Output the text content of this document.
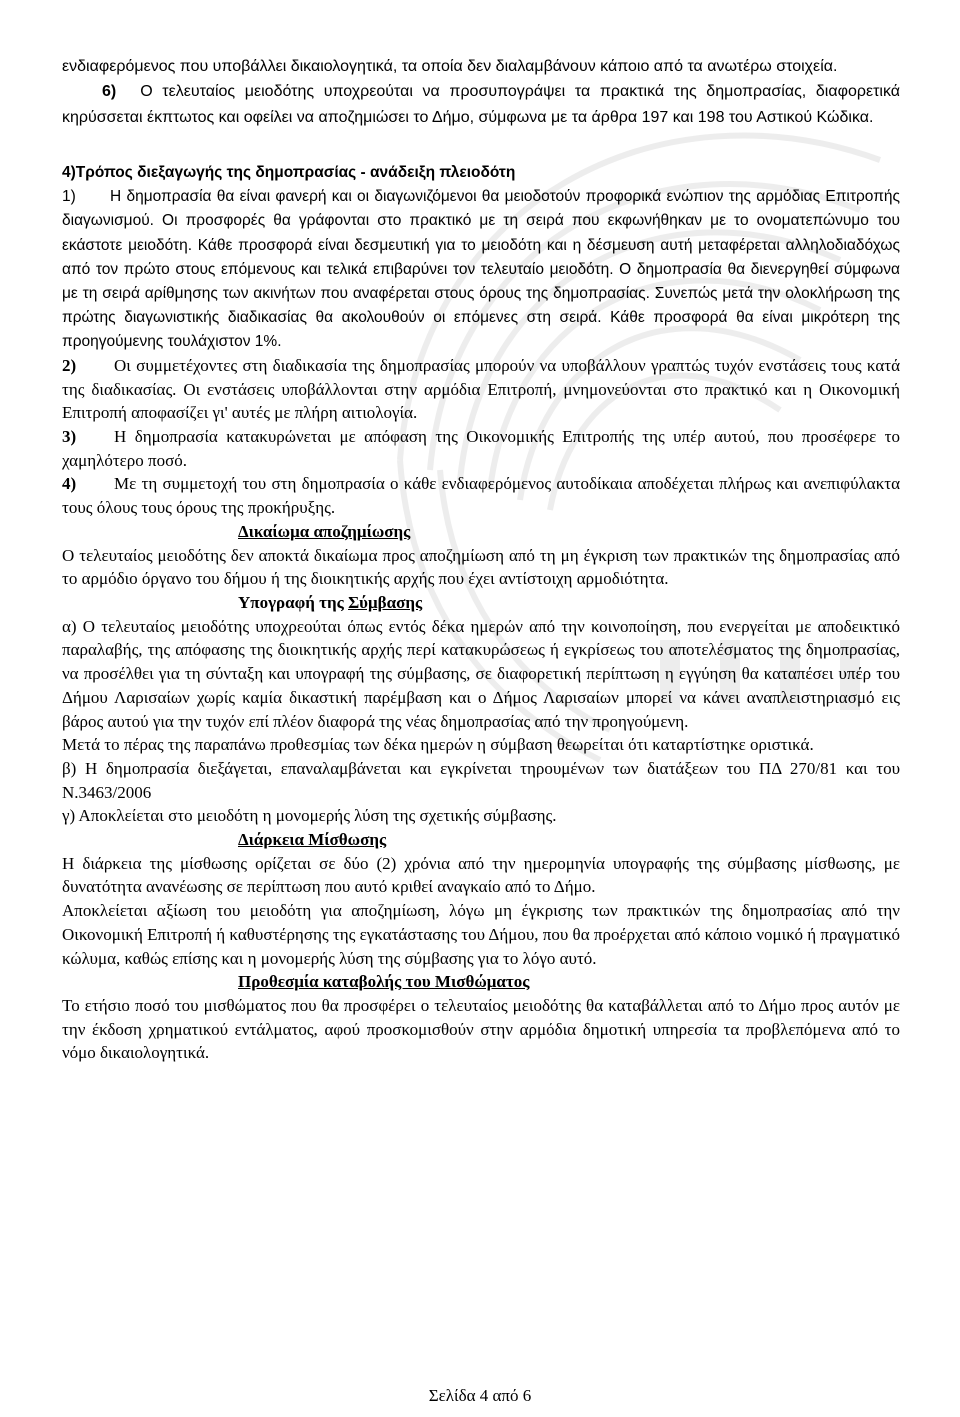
ενδιαφερόμενος που υποβάλλει δικαιολογητικά, τα οποία δεν διαλαμβάνουν κάποιο από τα ανωτέρω στοιχεία.

6) Ο τελευταίος μειοδότης υποχρεούται να προσυπογράψει τα πρακτικά της δημοπρασίας, διαφορετικά κηρύσσεται έκπτωτος και οφείλει να αποζημιώσει το Δήμο, σύμφωνα με τα άρθρα 197 και 198 του Αστικού Κώδικα.

4)Τρόπος διεξαγωγής της δημοπρασίας - ανάδειξη πλειοδότη

1) Η δημοπρασία θα είναι φανερή και οι διαγωνιζόμενοι θα μειοδοτούν προφορικά ενώπιον της αρμόδιας Επιτροπής διαγωνισμού. Οι προσφορές θα γράφονται στο πρακτικό με τη σειρά που εκφωνήθηκαν με το ονοματεπώνυμο του εκάστοτε μειοδότη. Κάθε προσφορά είναι δεσμευτική για το μειοδότη και η δέσμευση αυτή μεταφέρεται αλληλοδιαδόχως από τον πρώτο στους επόμενους και τελικά επιβαρύνει τον τελευταίο μειοδότη. Ο δημοπρασία θα διενεργηθεί σύμφωνα με τη σειρά αρίθμησης των ακινήτων που αναφέρεται στους όρους της δημοπρασίας. Συνεπώς μετά την ολοκλήρωση της πρώτης διαγωνιστικής διαδικασίας θα ακολουθούν οι επόμενες στη σειρά. Κάθε προσφορά θα είναι μικρότερη της προηγούμενης τουλάχιστον 1%.

2) Οι συμμετέχοντες στη διαδικασία της δημοπρασίας μπορούν να υποβάλλουν γραπτώς τυχόν ενστάσεις τους κατά της διαδικασίας. Οι ενστάσεις υποβάλλονται στην αρμόδια Επιτροπή, μνημονεύονται στο πρακτικό και η Οικονομική Επιτροπή αποφασίζει γι' αυτές με πλήρη αιτιολογία.

3) Η δημοπρασία κατακυρώνεται με απόφαση της Οικονομικής Επιτροπής της υπέρ αυτού, που προσέφερε το χαμηλότερο ποσό.

4) Με τη συμμετοχή του στη δημοπρασία ο κάθε ενδιαφερόμενος αυτοδίκαια αποδέχεται πλήρως και ανεπιφύλακτα τους όλους τους όρους της προκήρυξης.

Δικαίωμα αποζημίωσης

Ο τελευταίος μειοδότης δεν αποκτά δικαίωμα προς αποζημίωση από τη μη έγκριση των πρακτικών της δημοπρασίας από το αρμόδιο όργανο του δήμου ή της διοικητικής αρχής που έχει αντίστοιχη αρμοδιότητα.

Υπογραφή της Σύμβασης

α) Ο τελευταίος μειοδότης υποχρεούται όπως εντός δέκα ημερών από την κοινοποίηση, που ενεργείται με αποδεικτικό παραλαβής, της απόφασης της διοικητικής αρχής περί κατακυρώσεως ή εγκρίσεως του αποτελέσματος της δημοπρασίας, να προσέλθει για τη σύνταξη και υπογραφή της σύμβασης, σε διαφορετική περίπτωση η εγγύηση θα καταπέσει υπέρ του Δήμου Λαρισαίων χωρίς καμία δικαστική παρέμβαση και ο Δήμος Λαρισαίων μπορεί να κάνει αναπλειστηριασμό εις βάρος αυτού για την τυχόν επί πλέον διαφορά της νέας δημοπρασίας από την προηγούμενη.

Μετά το πέρας της παραπάνω προθεσμίας των δέκα ημερών η σύμβαση θεωρείται ότι καταρτίστηκε οριστικά.

β) Η δημοπρασία διεξάγεται, επαναλαμβάνεται και εγκρίνεται τηρουμένων των διατάξεων του ΠΔ 270/81 και του Ν.3463/2006

γ) Αποκλείεται στο μειοδότη η μονομερής λύση της σχετικής σύμβασης.

Διάρκεια Μίσθωσης

Η διάρκεια της μίσθωσης ορίζεται σε δύο (2) χρόνια από την ημερομηνία υπογραφής της σύμβασης μίσθωσης, με δυνατότητα ανανέωσης σε περίπτωση που αυτό κριθεί αναγκαίο από το Δήμο.

Αποκλείεται αξίωση του μειοδότη για αποζημίωση, λόγω μη έγκρισης των πρακτικών της δημοπρασίας από την Οικονομική Επιτροπή ή καθυστέρησης της εγκατάστασης του Δήμου, που θα προέρχεται από κάποιο νομικό ή πραγματικό κώλυμα, καθώς επίσης και η μονομερής λύση της σύμβασης για το λόγο αυτό.

Προθεσμία καταβολής του Μισθώματος

Το ετήσιο ποσό του μισθώματος που θα προσφέρει ο τελευταίος μειοδότης θα καταβάλλεται από το Δήμο προς αυτόν με την έκδοση χρηματικού εντάλματος, αφού προσκομισθούν στην αρμόδια δημοτική υπηρεσία τα προβλεπόμενα από το νόμο δικαιολογητικά.

Σελίδα 4 από 6
